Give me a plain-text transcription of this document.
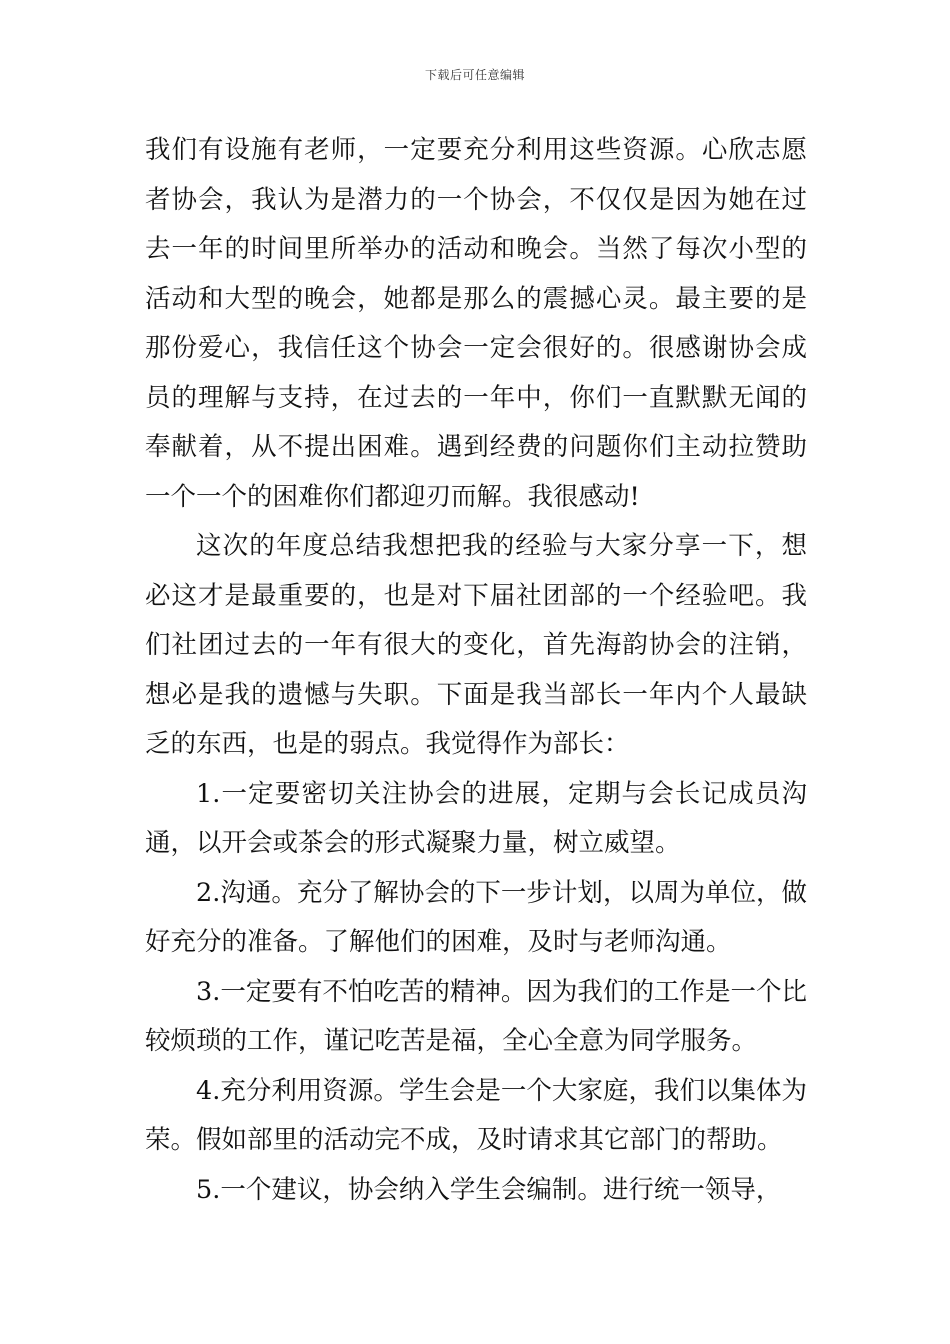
下载后可任意编辑

我们有设施有老师，一定要充分利用这些资源。心欣志愿者协会，我认为是潜力的一个协会，不仅仅是因为她在过去一年的时间里所举办的活动和晚会。当然了每次小型的活动和大型的晚会，她都是那么的震撼心灵。最主要的是那份爱心，我信任这个协会一定会很好的。很感谢协会成员的理解与支持，在过去的一年中，你们一直默默无闻的奉献着，从不提出困难。遇到经费的问题你们主动拉赞助一个一个的困难你们都迎刃而解。我很感动!

这次的年度总结我想把我的经验与大家分享一下，想必这才是最重要的，也是对下届社团部的一个经验吧。我们社团过去的一年有很大的变化，首先海韵协会的注销，想必是我的遗憾与失职。下面是我当部长一年内个人最缺乏的东西，也是的弱点。我觉得作为部长：

1.一定要密切关注协会的进展，定期与会长记成员沟通，以开会或茶会的形式凝聚力量，树立威望。

2.沟通。充分了解协会的下一步计划，以周为单位，做好充分的准备。了解他们的困难，及时与老师沟通。

3.一定要有不怕吃苦的精神。因为我们的工作是一个比较烦琐的工作，谨记吃苦是福，全心全意为同学服务。

4.充分利用资源。学生会是一个大家庭，我们以集体为荣。假如部里的活动完不成，及时请求其它部门的帮助。

5.一个建议，协会纳入学生会编制。进行统一领导，
